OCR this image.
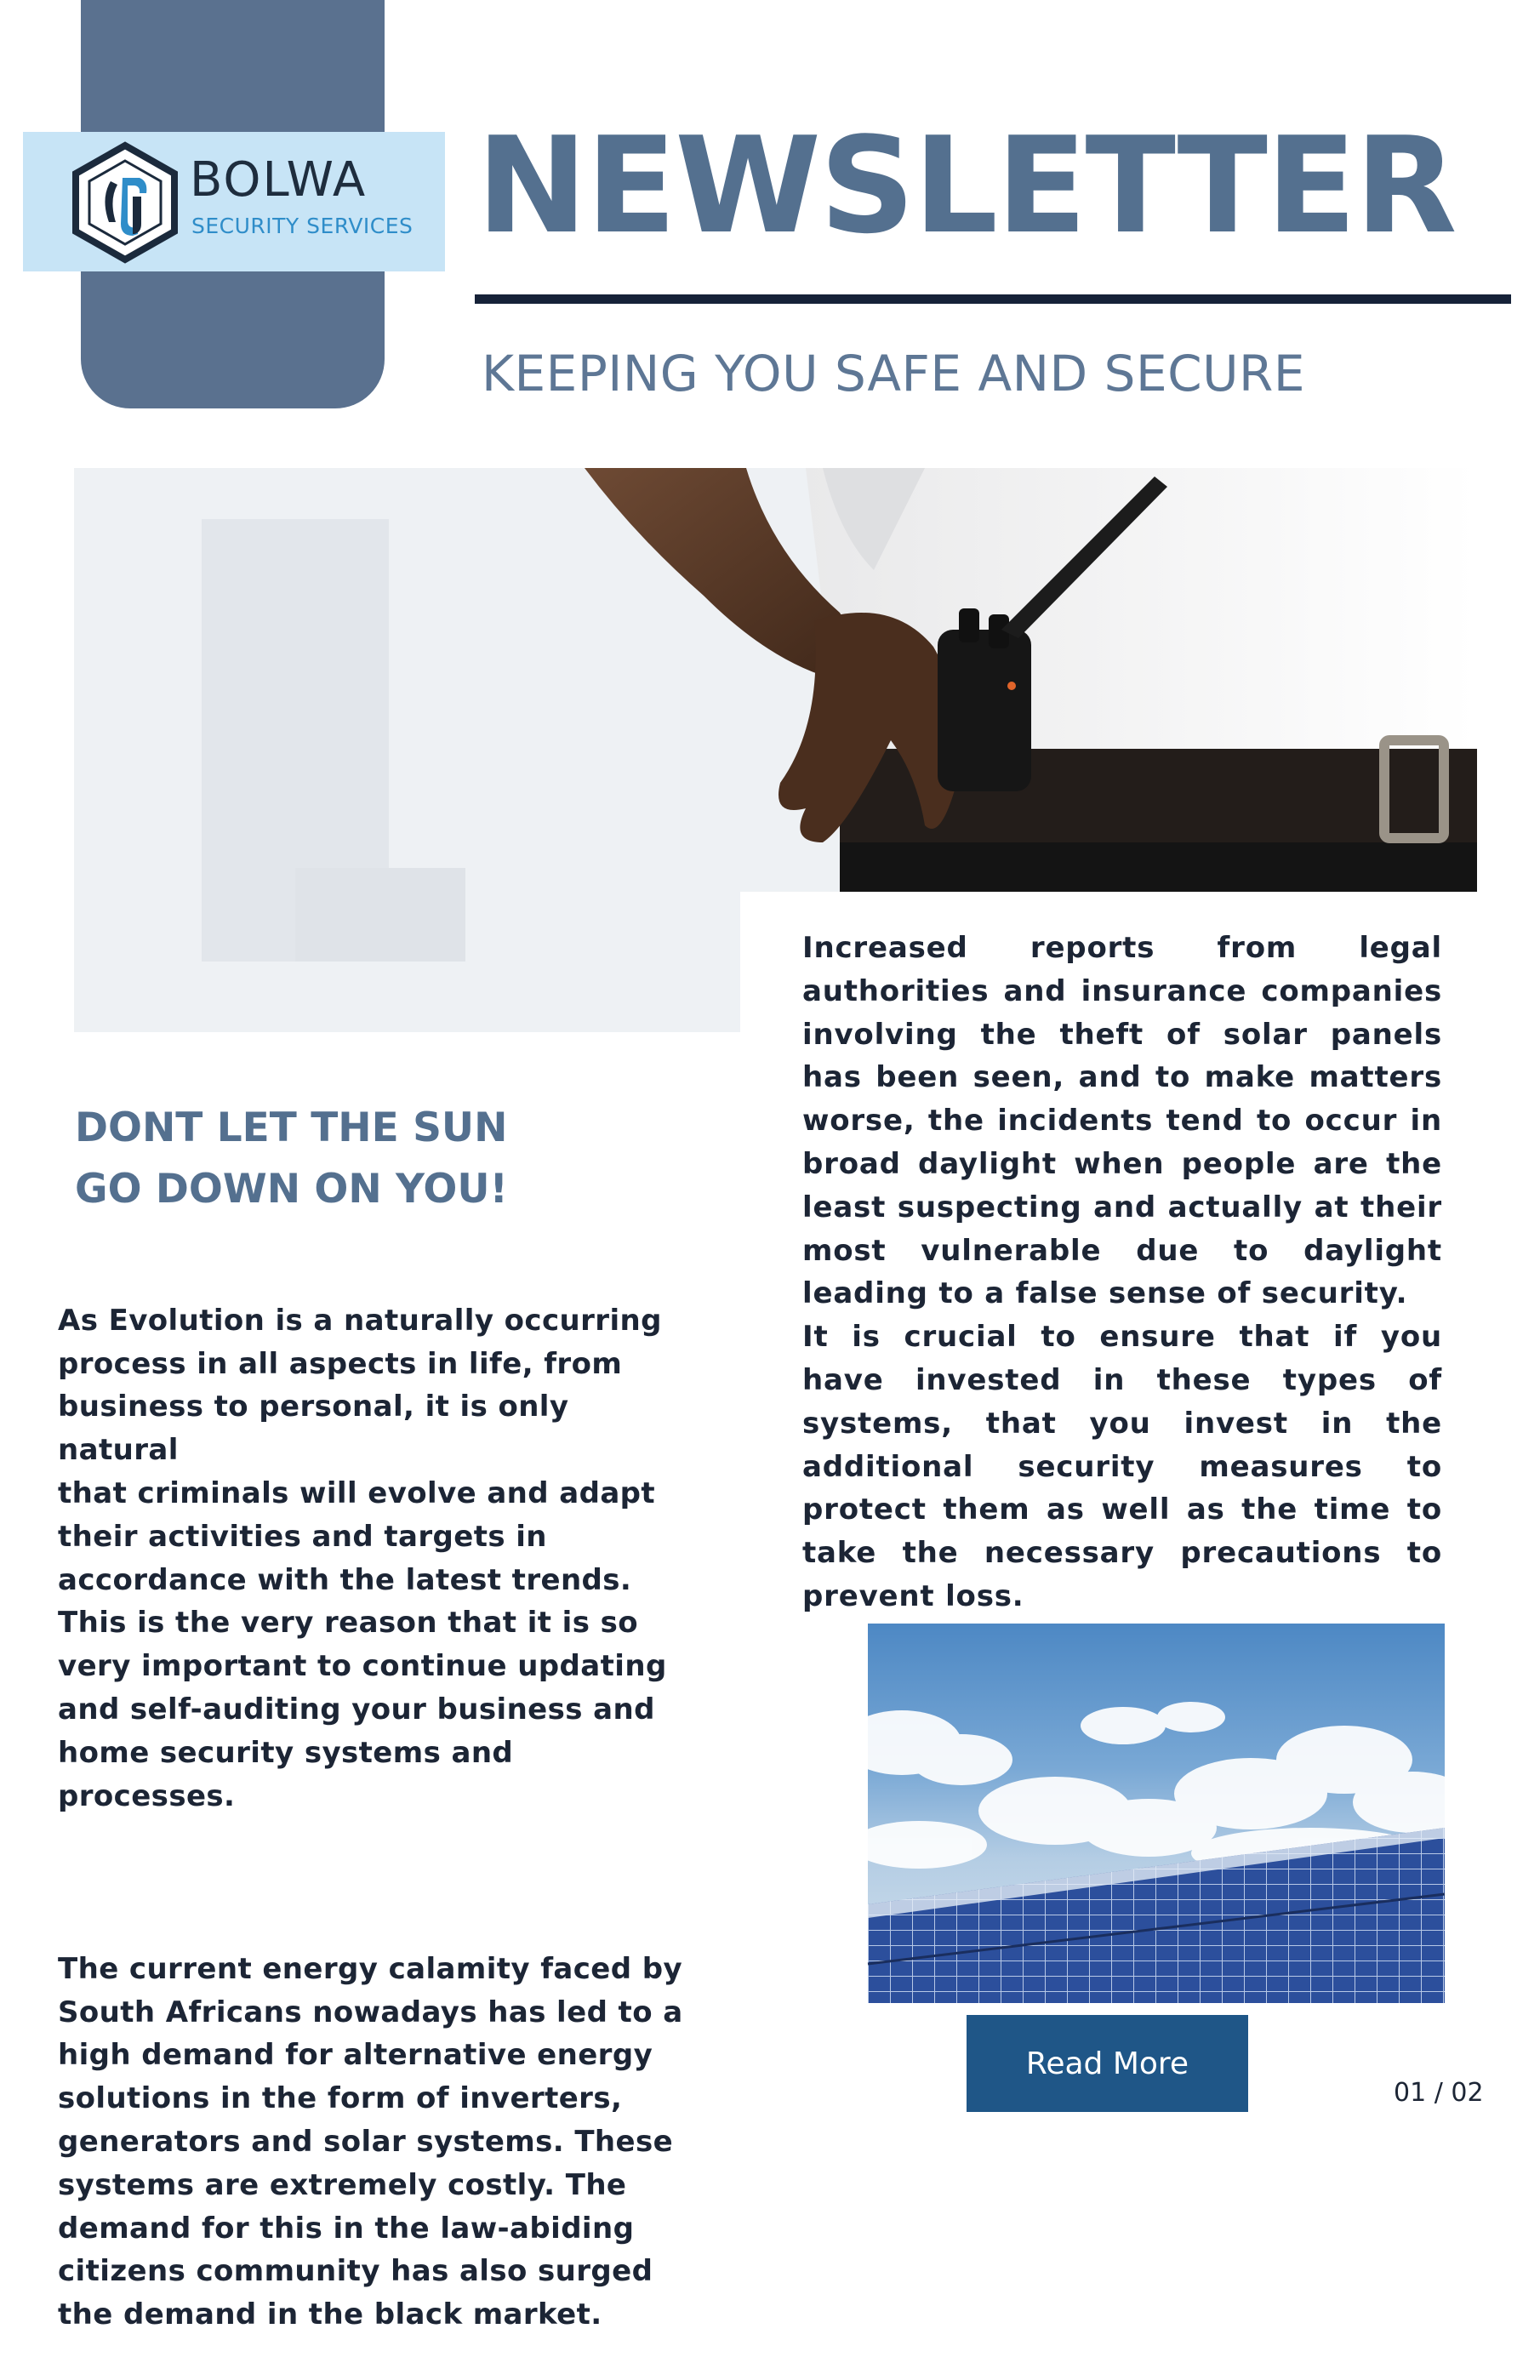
BOLWA
SECURITY SERVICES NEWSLETTER
KEEPING YOU SAFE AND SECURE
DONT LET THE SUN
GO DOWN ON YOU!

As Evolution is a naturally occurring
process in all aspects in life, from
business to personal, it is only natural
that criminals will evolve and adapt
their activities and targets in
accordance with the latest trends.
This is the very reason that it is so
very important to continue updating
and self-auditing your business and
home security systems and
processes.

The current energy calamity faced by
South Africans nowadays has led to a
high demand for alternative energy
solutions in the form of inverters,
generators and solar systems. These
systems are extremely costly. The
demand for this in the law-abiding
citizens community has also surged
the demand in the black market.

Increased reports from legal authorities and insurance companies involving the theft of solar panels has been seen, and to make matters worse, the incidents tend to occur in broad daylight when people are the least suspecting and actually at their most vulnerable due to daylight leading to a false sense of security.

It is crucial to ensure that if you have invested in these types of systems, that you invest in the additional security measures to protect them as well as the time to take the necessary precautions to prevent loss.

Read More
01 / 02
